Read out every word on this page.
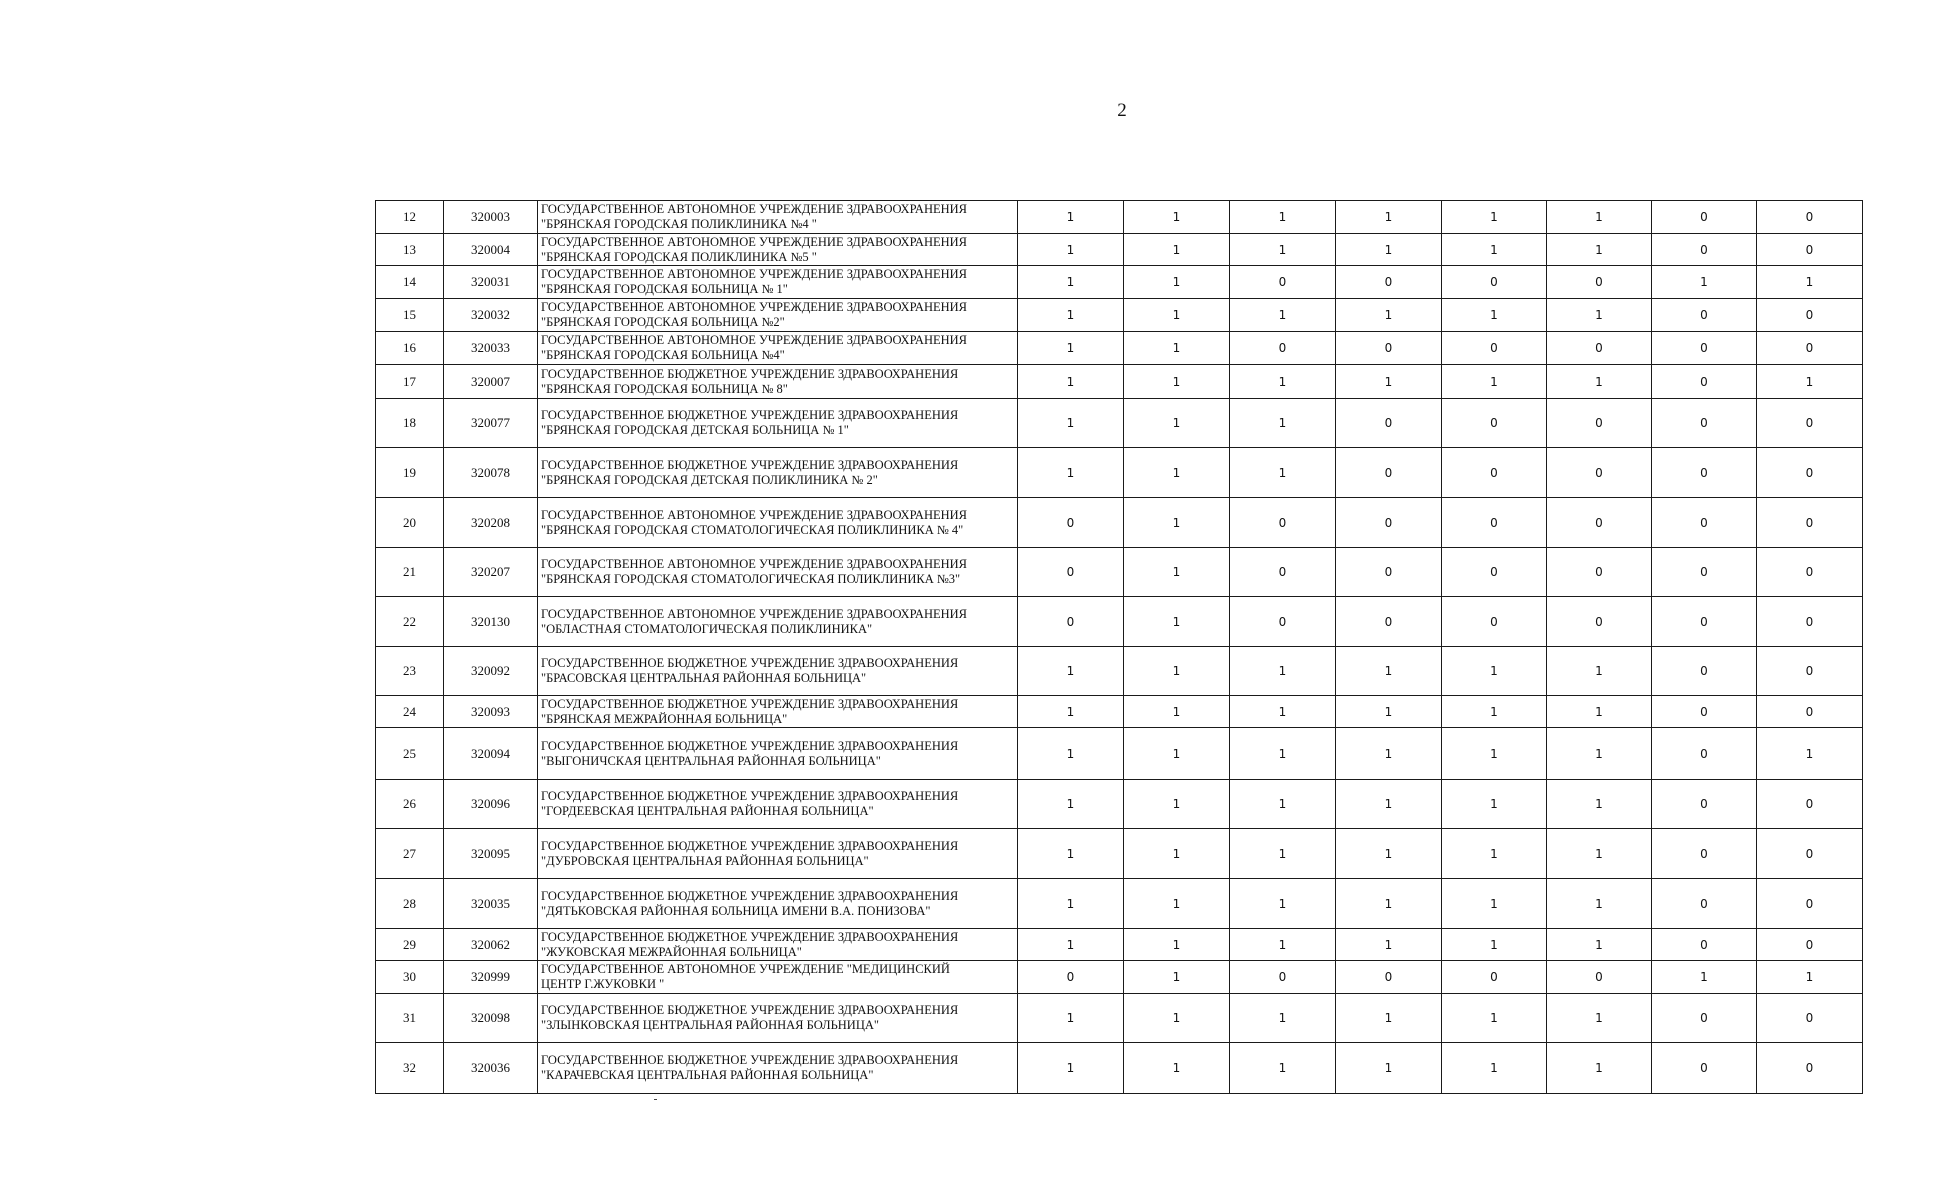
2
12	320003	ГОСУДАРСТВЕННОЕ АВТОНОМНОЕ УЧРЕЖДЕНИЕ ЗДРАВООХРАНЕНИЯ
"БРЯНСКАЯ ГОРОДСКАЯ ПОЛИКЛИНИКА №4 "	1	1	1	1	1	1	0	0
13	320004	ГОСУДАРСТВЕННОЕ АВТОНОМНОЕ УЧРЕЖДЕНИЕ ЗДРАВООХРАНЕНИЯ
"БРЯНСКАЯ ГОРОДСКАЯ ПОЛИКЛИНИКА №5 "	1	1	1	1	1	1	0	0
14	320031	ГОСУДАРСТВЕННОЕ АВТОНОМНОЕ УЧРЕЖДЕНИЕ ЗДРАВООХРАНЕНИЯ
"БРЯНСКАЯ ГОРОДСКАЯ БОЛЬНИЦА № 1"	1	1	0	0	0	0	1	1
15	320032	ГОСУДАРСТВЕННОЕ АВТОНОМНОЕ УЧРЕЖДЕНИЕ ЗДРАВООХРАНЕНИЯ
"БРЯНСКАЯ ГОРОДСКАЯ БОЛЬНИЦА №2"	1	1	1	1	1	1	0	0
16	320033	ГОСУДАРСТВЕННОЕ АВТОНОМНОЕ УЧРЕЖДЕНИЕ ЗДРАВООХРАНЕНИЯ
"БРЯНСКАЯ ГОРОДСКАЯ БОЛЬНИЦА №4"	1	1	0	0	0	0	0	0
17	320007	ГОСУДАРСТВЕННОЕ БЮДЖЕТНОЕ УЧРЕЖДЕНИЕ ЗДРАВООХРАНЕНИЯ
"БРЯНСКАЯ ГОРОДСКАЯ БОЛЬНИЦА № 8"	1	1	1	1	1	1	0	1
18	320077	ГОСУДАРСТВЕННОЕ БЮДЖЕТНОЕ УЧРЕЖДЕНИЕ ЗДРАВООХРАНЕНИЯ
"БРЯНСКАЯ ГОРОДСКАЯ ДЕТСКАЯ БОЛЬНИЦА № 1"	1	1	1	0	0	0	0	0
19	320078	ГОСУДАРСТВЕННОЕ БЮДЖЕТНОЕ УЧРЕЖДЕНИЕ ЗДРАВООХРАНЕНИЯ
"БРЯНСКАЯ ГОРОДСКАЯ ДЕТСКАЯ ПОЛИКЛИНИКА № 2"	1	1	1	0	0	0	0	0
20	320208	ГОСУДАРСТВЕННОЕ АВТОНОМНОЕ УЧРЕЖДЕНИЕ ЗДРАВООХРАНЕНИЯ
"БРЯНСКАЯ ГОРОДСКАЯ СТОМАТОЛОГИЧЕСКАЯ ПОЛИКЛИНИКА № 4"	0	1	0	0	0	0	0	0
21	320207	ГОСУДАРСТВЕННОЕ АВТОНОМНОЕ УЧРЕЖДЕНИЕ ЗДРАВООХРАНЕНИЯ
"БРЯНСКАЯ ГОРОДСКАЯ СТОМАТОЛОГИЧЕСКАЯ ПОЛИКЛИНИКА №3"	0	1	0	0	0	0	0	0
22	320130	ГОСУДАРСТВЕННОЕ АВТОНОМНОЕ УЧРЕЖДЕНИЕ ЗДРАВООХРАНЕНИЯ
"ОБЛАСТНАЯ СТОМАТОЛОГИЧЕСКАЯ ПОЛИКЛИНИКА"	0	1	0	0	0	0	0	0
23	320092	ГОСУДАРСТВЕННОЕ БЮДЖЕТНОЕ УЧРЕЖДЕНИЕ ЗДРАВООХРАНЕНИЯ
"БРАСОВСКАЯ ЦЕНТРАЛЬНАЯ РАЙОННАЯ БОЛЬНИЦА"	1	1	1	1	1	1	0	0
24	320093	ГОСУДАРСТВЕННОЕ БЮДЖЕТНОЕ УЧРЕЖДЕНИЕ ЗДРАВООХРАНЕНИЯ
"БРЯНСКАЯ МЕЖРАЙОННАЯ БОЛЬНИЦА"	1	1	1	1	1	1	0	0
25	320094	ГОСУДАРСТВЕННОЕ БЮДЖЕТНОЕ УЧРЕЖДЕНИЕ ЗДРАВООХРАНЕНИЯ
"ВЫГОНИЧСКАЯ ЦЕНТРАЛЬНАЯ РАЙОННАЯ БОЛЬНИЦА"	1	1	1	1	1	1	0	1
26	320096	ГОСУДАРСТВЕННОЕ БЮДЖЕТНОЕ УЧРЕЖДЕНИЕ ЗДРАВООХРАНЕНИЯ
"ГОРДЕЕВСКАЯ ЦЕНТРАЛЬНАЯ РАЙОННАЯ БОЛЬНИЦА"	1	1	1	1	1	1	0	0
27	320095	ГОСУДАРСТВЕННОЕ БЮДЖЕТНОЕ УЧРЕЖДЕНИЕ ЗДРАВООХРАНЕНИЯ
"ДУБРОВСКАЯ ЦЕНТРАЛЬНАЯ РАЙОННАЯ БОЛЬНИЦА"	1	1	1	1	1	1	0	0
28	320035	ГОСУДАРСТВЕННОЕ БЮДЖЕТНОЕ УЧРЕЖДЕНИЕ ЗДРАВООХРАНЕНИЯ
"ДЯТЬКОВСКАЯ РАЙОННАЯ БОЛЬНИЦА ИМЕНИ В.А. ПОНИЗОВА"	1	1	1	1	1	1	0	0
29	320062	ГОСУДАРСТВЕННОЕ БЮДЖЕТНОЕ УЧРЕЖДЕНИЕ ЗДРАВООХРАНЕНИЯ
"ЖУКОВСКАЯ МЕЖРАЙОННАЯ БОЛЬНИЦА"	1	1	1	1	1	1	0	0
30	320999	ГОСУДАРСТВЕННОЕ АВТОНОМНОЕ УЧРЕЖДЕНИЕ "МЕДИЦИНСКИЙ
ЦЕНТР Г.ЖУКОВКИ "	0	1	0	0	0	0	1	1
31	320098	ГОСУДАРСТВЕННОЕ БЮДЖЕТНОЕ УЧРЕЖДЕНИЕ ЗДРАВООХРАНЕНИЯ
"ЗЛЫНКОВСКАЯ ЦЕНТРАЛЬНАЯ РАЙОННАЯ БОЛЬНИЦА"	1	1	1	1	1	1	0	0
32	320036	ГОСУДАРСТВЕННОЕ БЮДЖЕТНОЕ УЧРЕЖДЕНИЕ ЗДРАВООХРАНЕНИЯ
"КАРАЧЕВСКАЯ ЦЕНТРАЛЬНАЯ РАЙОННАЯ БОЛЬНИЦА"	1	1	1	1	1	1	0	0
